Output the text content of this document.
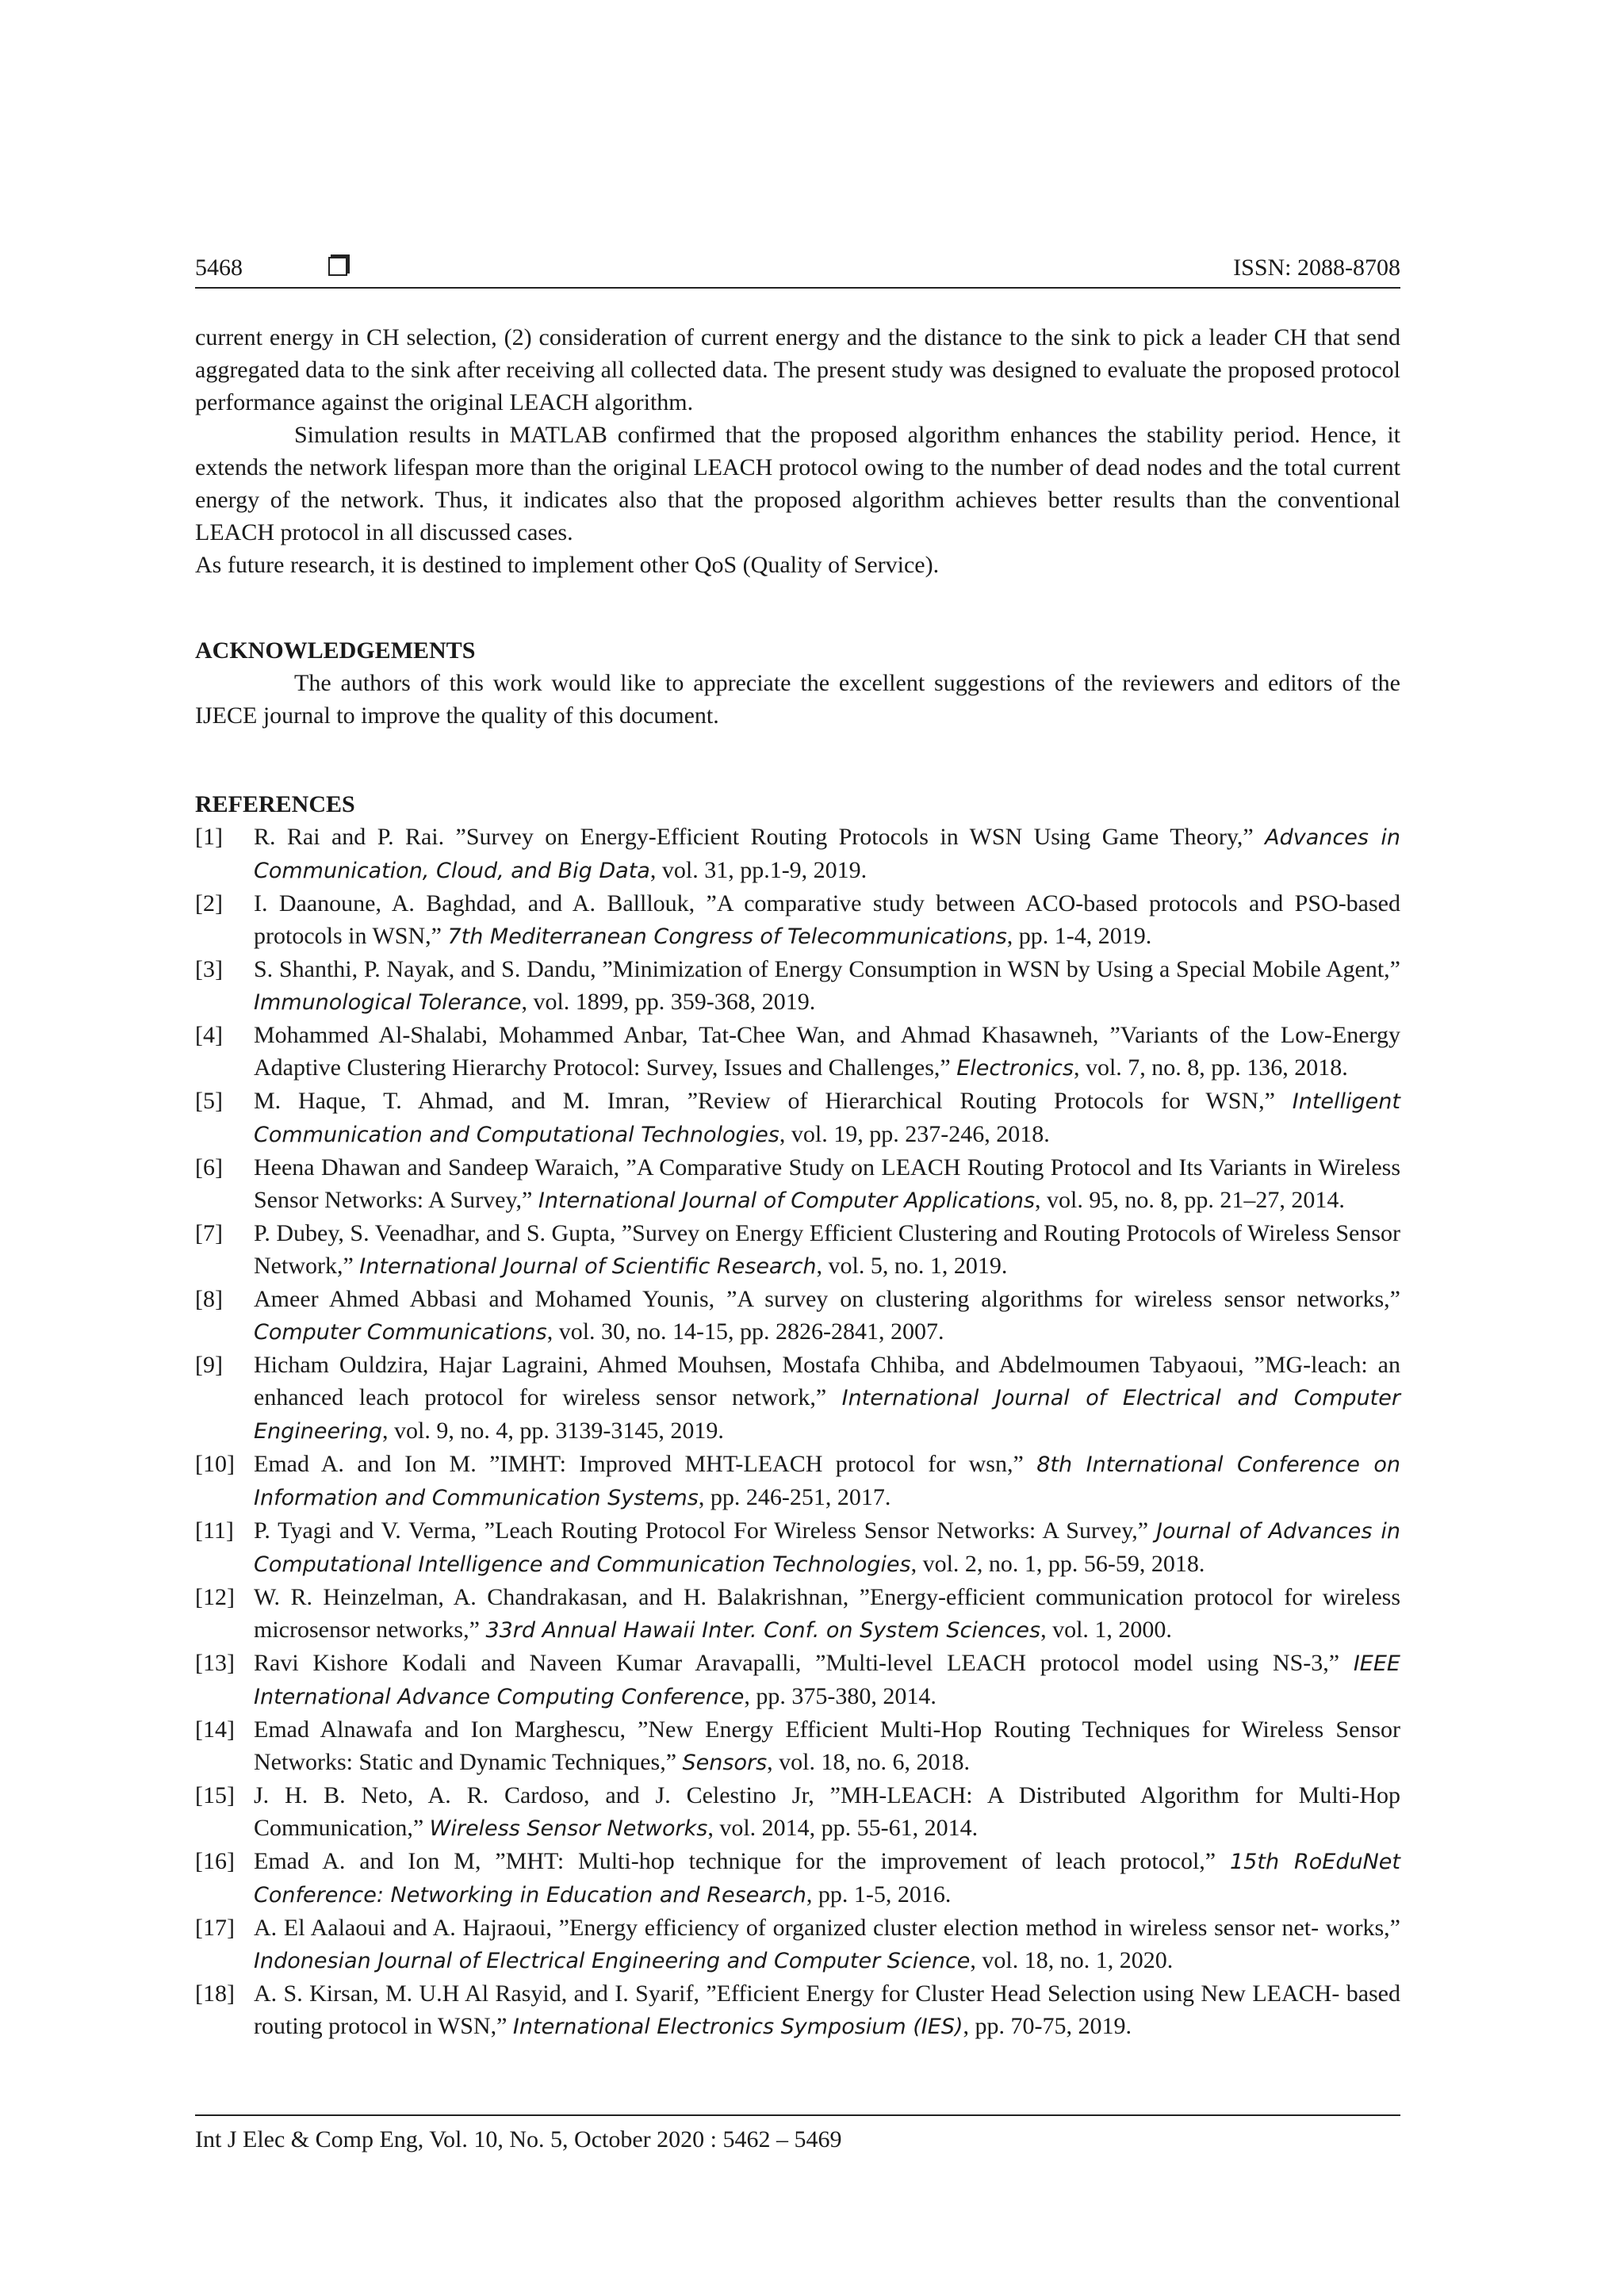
5468	ISSN: 2088-8708

current energy in CH selection, (2) consideration of current energy and the distance to the sink to pick a leader CH that send aggregated data to the sink after receiving all collected data. The present study was designed to evaluate the proposed protocol performance against the original LEACH algorithm.

Simulation results in MATLAB confirmed that the proposed algorithm enhances the stability period. Hence, it extends the network lifespan more than the original LEACH protocol owing to the number of dead nodes and the total current energy of the network. Thus, it indicates also that the proposed algorithm achieves better results than the conventional LEACH protocol in all discussed cases.

As future research, it is destined to implement other QoS (Quality of Service).

ACKNOWLEDGEMENTS

The authors of this work would like to appreciate the excellent suggestions of the reviewers and editors of the IJECE journal to improve the quality of this document.

REFERENCES

[1]	R. Rai and P. Rai. ”Survey on Energy-Efficient Routing Protocols in WSN Using Game Theory,” Advances in Communication, Cloud, and Big Data, vol. 31, pp.1-9, 2019.
[2]	I. Daanoune, A. Baghdad, and A. Balllouk, ”A comparative study between ACO-based protocols and PSO-based protocols in WSN,” 7th Mediterranean Congress of Telecommunications, pp. 1-4, 2019.
[3]	S. Shanthi, P. Nayak, and S. Dandu, ”Minimization of Energy Consumption in WSN by Using a Special Mobile Agent,” Immunological Tolerance, vol. 1899, pp. 359-368, 2019.
[4]	Mohammed Al-Shalabi, Mohammed Anbar, Tat-Chee Wan, and Ahmad Khasawneh, ”Variants of the Low-Energy Adaptive Clustering Hierarchy Protocol: Survey, Issues and Challenges,” Electronics, vol. 7, no. 8, pp. 136, 2018.
[5]	M. Haque, T. Ahmad, and M. Imran, ”Review of Hierarchical Routing Protocols for WSN,” Intelligent Communication and Computational Technologies, vol. 19, pp. 237-246, 2018.
[6]	Heena Dhawan and Sandeep Waraich, ”A Comparative Study on LEACH Routing Protocol and Its Variants in Wireless Sensor Networks: A Survey,” International Journal of Computer Applications, vol. 95, no. 8, pp. 21–27, 2014.
[7]	P. Dubey, S. Veenadhar, and S. Gupta, ”Survey on Energy Efficient Clustering and Routing Protocols of Wireless Sensor Network,” International Journal of Scientific Research, vol. 5, no. 1, 2019.
[8]	Ameer Ahmed Abbasi and Mohamed Younis, ”A survey on clustering algorithms for wireless sensor networks,” Computer Communications, vol. 30, no. 14-15, pp. 2826-2841, 2007.
[9]	Hicham Ouldzira, Hajar Lagraini, Ahmed Mouhsen, Mostafa Chhiba, and Abdelmoumen Tabyaoui, ”MG-leach: an enhanced leach protocol for wireless sensor network,” International Journal of Electrical and Computer Engineering, vol. 9, no. 4, pp. 3139-3145, 2019.
[10] Emad A. and Ion M. ”IMHT: Improved MHT-LEACH protocol for wsn,” 8th International Conference on Information and Communication Systems, pp. 246-251, 2017.
[11] P. Tyagi and V. Verma, ”Leach Routing Protocol For Wireless Sensor Networks: A Survey,” Journal of Advances in Computational Intelligence and Communication Technologies, vol. 2, no. 1, pp. 56-59, 2018.
[12] W. R. Heinzelman, A. Chandrakasan, and H. Balakrishnan, ”Energy-efficient communication protocol for wireless microsensor networks,” 33rd Annual Hawaii Inter. Conf. on System Sciences, vol. 1, 2000.
[13] Ravi Kishore Kodali and Naveen Kumar Aravapalli, ”Multi-level LEACH protocol model using NS-3,” IEEE International Advance Computing Conference, pp. 375-380, 2014.
[14] Emad Alnawafa and Ion Marghescu, ”New Energy Efficient Multi-Hop Routing Techniques for Wireless Sensor Networks: Static and Dynamic Techniques,” Sensors, vol. 18, no. 6, 2018.
[15] J. H. B. Neto, A. R. Cardoso, and J. Celestino Jr, ”MH-LEACH: A Distributed Algorithm for Multi-Hop Communication,” Wireless Sensor Networks, vol. 2014, pp. 55-61, 2014.
[16] Emad A. and Ion M, ”MHT: Multi-hop technique for the improvement of leach protocol,” 15th RoEduNet Conference: Networking in Education and Research, pp. 1-5, 2016.
[17] A. El Aalaoui and A. Hajraoui, ”Energy efficiency of organized cluster election method in wireless sensor net- works,” Indonesian Journal of Electrical Engineering and Computer Science, vol. 18, no. 1, 2020.
[18] A. S. Kirsan, M. U.H Al Rasyid, and I. Syarif, ”Efficient Energy for Cluster Head Selection using New LEACH- based routing protocol in WSN,” International Electronics Symposium (IES), pp. 70-75, 2019.
Int J Elec & Comp Eng, Vol. 10, No. 5, October 2020 : 5462 – 5469
